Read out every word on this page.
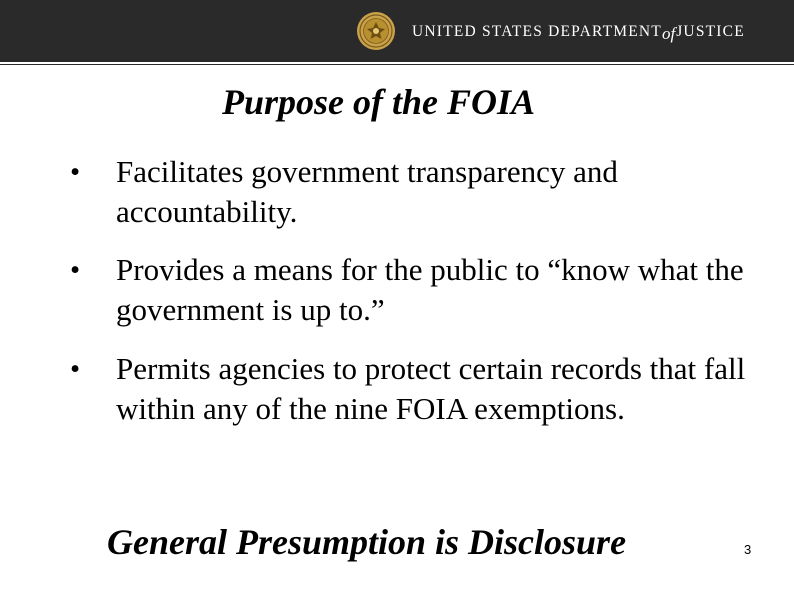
UNITED STATES DEPARTMENT of JUSTICE
Purpose of the FOIA
• Facilitates government transparency and accountability.
• Provides a means for the public to “know what the government is up to.”
• Permits agencies to protect certain records that fall within any of the nine FOIA exemptions.
General Presumption is Disclosure	3
